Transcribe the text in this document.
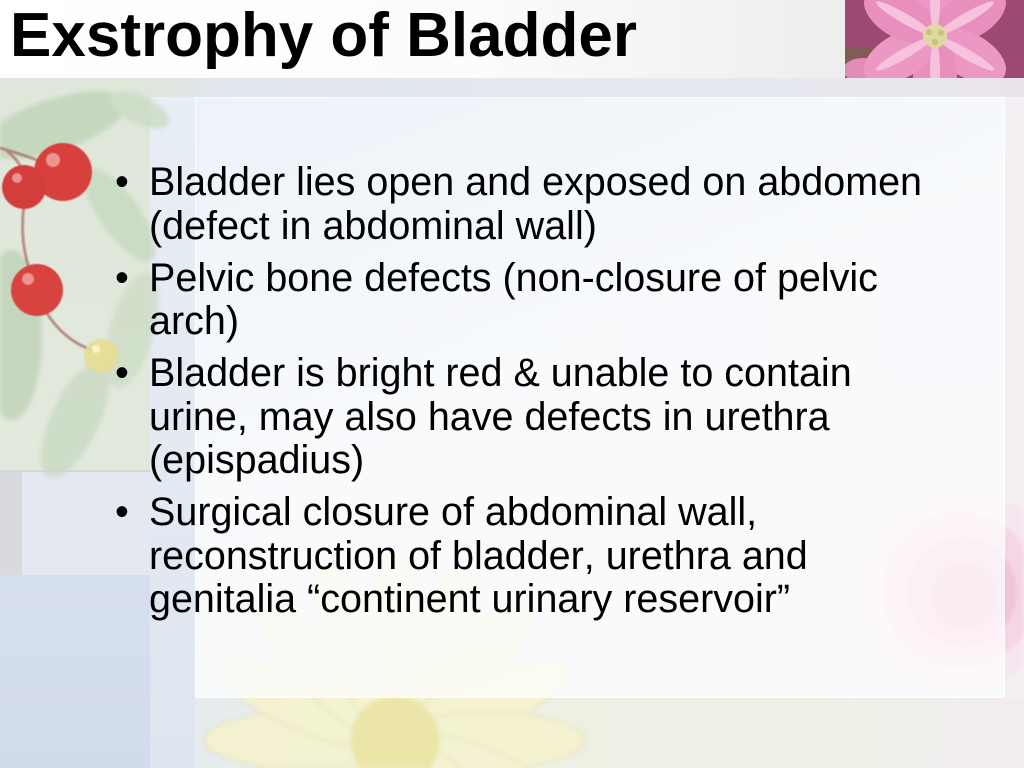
Exstrophy of Bladder
• Bladder lies open and exposed on abdomen (defect in abdominal wall)
• Pelvic bone defects (non-closure of pelvic arch)
• Bladder is bright red & unable to contain urine, may also have defects in urethra (epispadius)
• Surgical closure of abdominal wall, reconstruction of bladder, urethra and genitalia “continent urinary reservoir”
